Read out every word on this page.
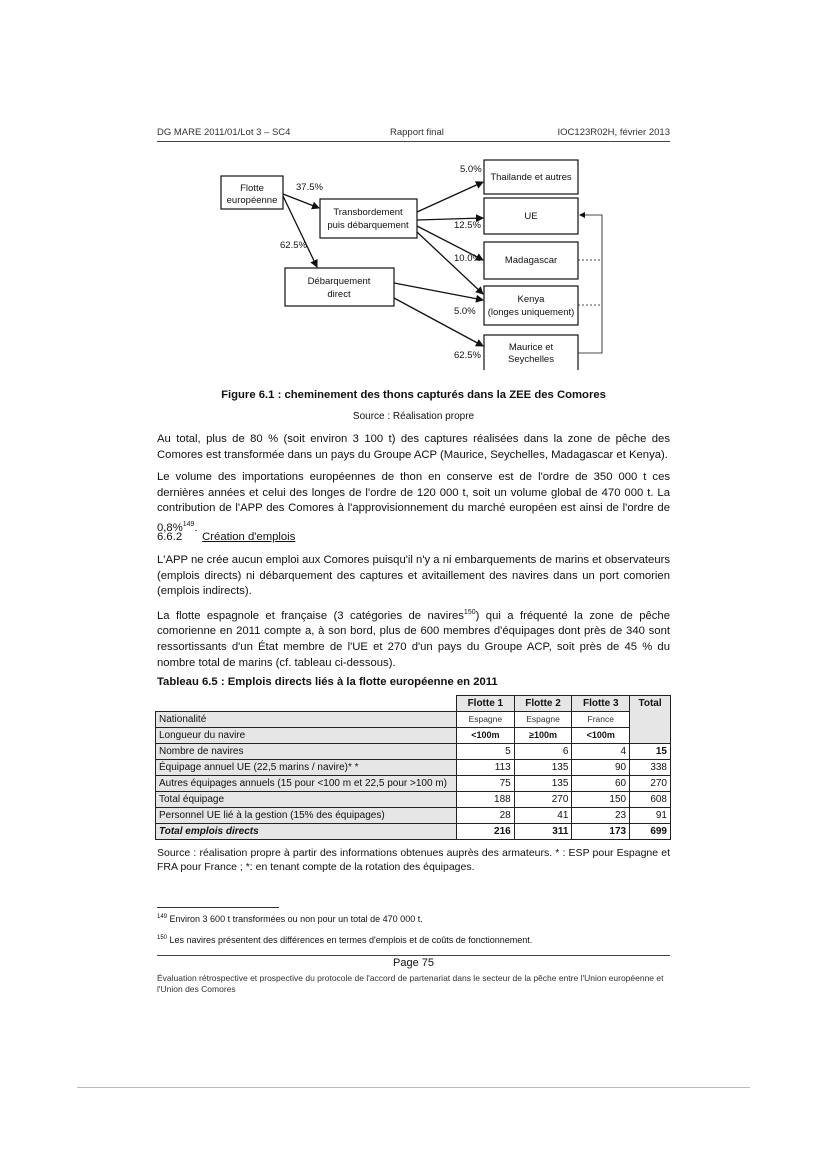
DG MARE 2011/01/Lot 3 – SC4	Rapport final	IOC123R02H, février 2013
Flotte
européenne
Transbordement
puis débarquement
Débarquement
direct
Thailande et autres
UE
Madagascar
Kenya
(longes uniquement)
Maurice et
Seychelles
37.5%
62.5%
5.0%
12.5%
10.0%
5.0%
62.5%
Figure 6.1 : cheminement des thons capturés dans la ZEE des Comores
Source : Réalisation propre
Au total, plus de 80 % (soit environ 3 100 t) des captures réalisées dans la zone de pêche des Comores est transformée dans un pays du Groupe ACP (Maurice, Seychelles, Madagascar et Kenya).
Le volume des importations européennes de thon en conserve est de l'ordre de 350 000 t ces dernières années et celui des longes de l'ordre de 120 000 t, soit un volume global de 470 000 t. La contribution de l'APP des Comores à l'approvisionnement du marché européen est ainsi de l'ordre de 0,8%$^{149}$.
6.6.2 Création d'emplois
L'APP ne crée aucun emploi aux Comores puisqu'il n'y a ni embarquements de marins et observateurs (emplois directs) ni débarquement des captures et avitaillement des navires dans un port comorien (emplois indirects).
La flotte espagnole et française (3 catégories de navires$^{150}$) qui a fréquenté la zone de pêche comorienne en 2011 compte a, à son bord, plus de 600 membres d'équipages dont près de 340 sont ressortissants d'un État membre de l'UE et 270 d'un pays du Groupe ACP, soit près de 45 % du nombre total de marins (cf. tableau ci-dessous).
Tableau 6.5 : Emplois directs liés à la flotte européenne en 2011
	Flotte 1	Flotte 2	Flotte 3	Total
Nationalité	Espagne	Espagne	France	
Longueur du navire	<100m	≥100m	<100m	
Nombre de navires	5	6	4	15
Équipage annuel UE (22,5 marins / navire)* *	113	135	90	338
Autres équipages annuels (15 pour <100 m et 22,5 pour >100 m)	75	135	60	270
Total équipage	188	270	150	608
Personnel UE lié à la gestion (15% des équipages)	28	41	23	91
Total emplois directs	216	311	173	699
Source : réalisation propre à partir des informations obtenues auprès des armateurs. * : ESP pour Espagne et FRA pour France ; *: en tenant compte de la rotation des équipages.
$^{149}$ Environ 3 600 t transformées ou non pour un total de 470 000 t.
$^{150}$ Les navires présentent des différences en termes d'emplois et de coûts de fonctionnement.
Page 75
Évaluation rétrospective et prospective du protocole de l'accord de partenariat dans le secteur de la pêche entre l'Union européenne et l'Union des Comores
